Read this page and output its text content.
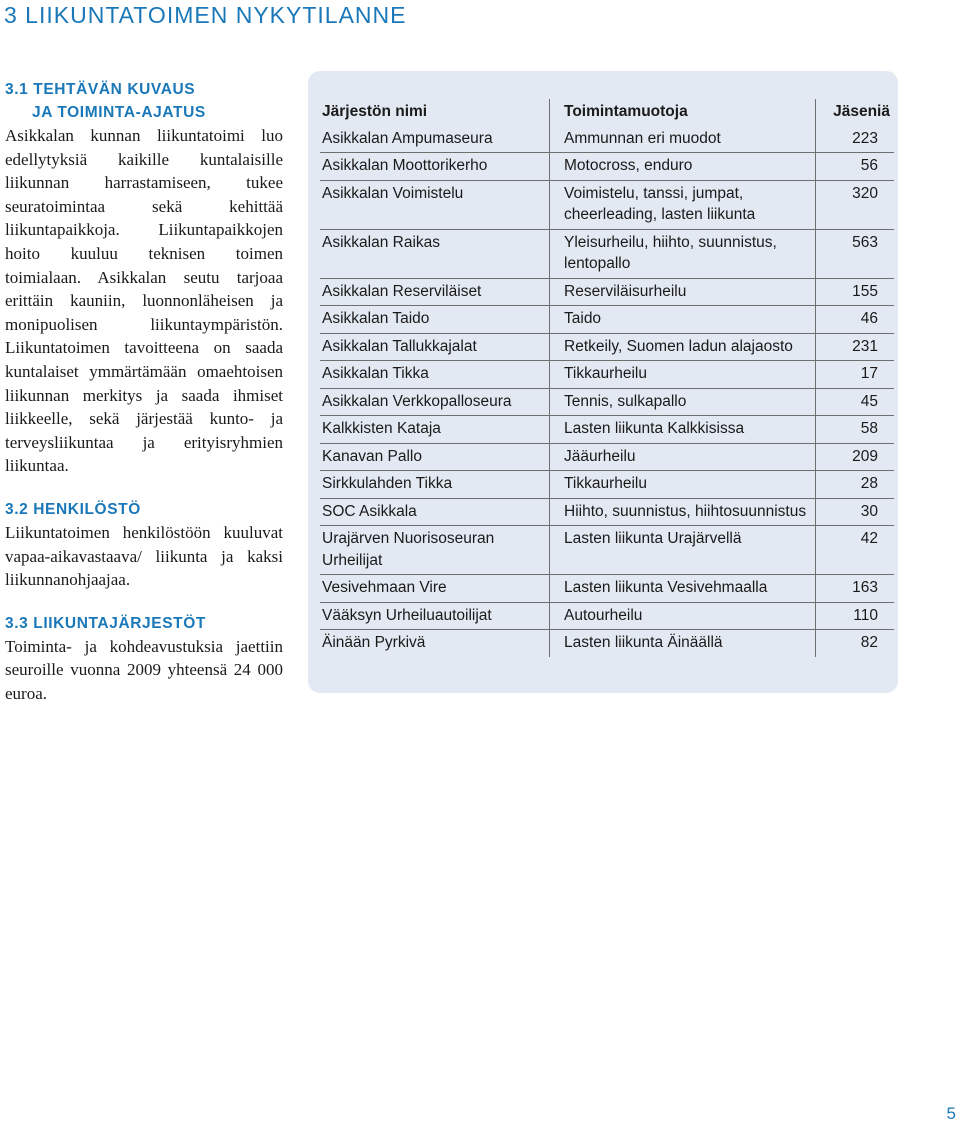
3 LIIKUNTATOIMEN NYKYTILANNE
3.1 TEHTÄVÄN KUVAUS
JA TOIMINTA-AJATUS

Asikkalan kunnan liikuntatoimi luo edellytyksiä kaikille kuntalaisille liikunnan harrastamiseen, tukee seuratoimintaa sekä kehittää liikuntapaikkoja. Liikuntapaikkojen hoito kuuluu teknisen toimen toimialaan. Asikkalan seutu tarjoaa erittäin kauniin, luonnonläheisen ja monipuolisen liikuntaympäristön. Liikuntatoimen tavoitteena on saada kuntalaiset ymmärtämään omaehtoisen liikunnan merkitys ja saada ihmiset liikkeelle, sekä järjestää kunto- ja terveysliikuntaa ja erityisryhmien liikuntaa.

3.2 HENKILÖSTÖ

Liikuntatoimen henkilöstöön kuuluvat vapaa-aikavastaava/ liikunta ja kaksi liikunnanohjaajaa.

3.3 LIIKUNTAJÄRJESTÖT

Toiminta- ja kohdeavustuksia jaettiin seuroille vuonna 2009 yhteensä 24 000 euroa.

Järjestön nimi	Toimintamuotoja	Jäseniä
Asikkalan Ampumaseura	Ammunnan eri muodot	223
Asikkalan Moottorikerho	Motocross, enduro	56
Asikkalan Voimistelu	Voimistelu, tanssi, jumpat, cheerleading, lasten liikunta	320
Asikkalan Raikas	Yleisurheilu, hiihto, suunnistus, lentopallo	563
Asikkalan Reserviläiset	Reserviläisurheilu	155
Asikkalan Taido	Taido	46
Asikkalan Tallukkajalat	Retkeily, Suomen ladun alajaosto	231
Asikkalan Tikka	Tikkaurheilu	17
Asikkalan Verkkopalloseura	Tennis, sulkapallo	45
Kalkkisten Kataja	Lasten liikunta Kalkkisissa	58
Kanavan Pallo	Jääurheilu	209
Sirkkulahden Tikka	Tikkaurheilu	28
SOC Asikkala	Hiihto, suunnistus, hiihtosuunnistus	30
Urajärven Nuorisoseuran Urheilijat	Lasten liikunta Urajärvellä	42
Vesivehmaan Vire	Lasten liikunta Vesivehmaalla	163
Vääksyn Urheiluautoilijat	Autourheilu	110
Äinään Pyrkivä	Lasten liikunta Äinäällä	82
5
